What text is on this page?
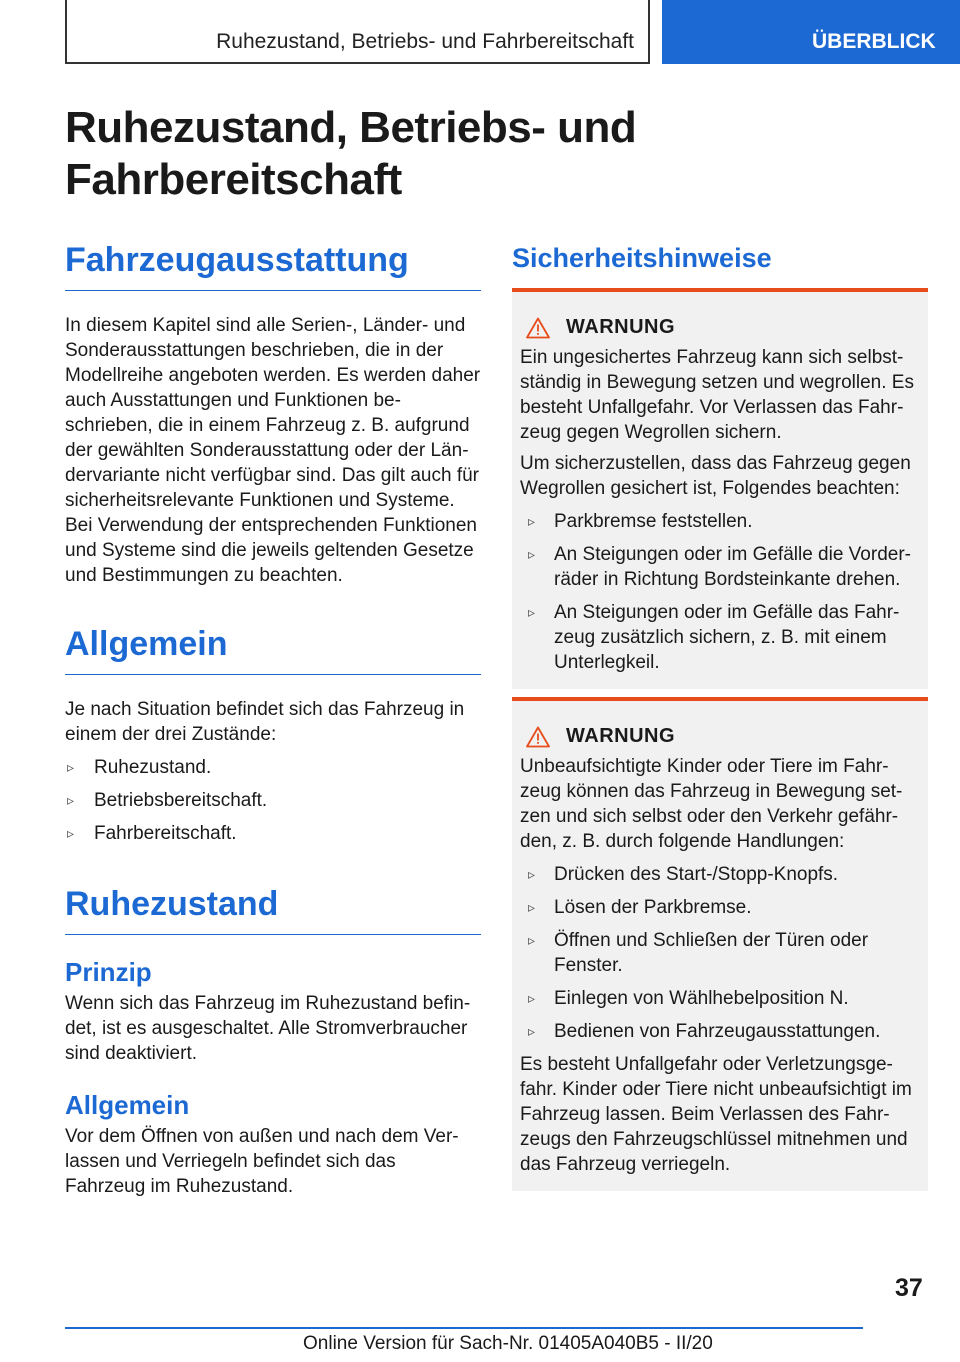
Ruhezustand, Betriebs- und Fahrbereitschaft	ÜBERBLICK
Ruhezustand, Betriebs- und
Fahrbereitschaft
Fahrzeugausstattung

In diesem Kapitel sind alle Serien-, Länder- und Sonderausstattungen beschrieben, die in der Modellreihe angeboten werden. Es werden daher auch Ausstattungen und Funktionen beschrieben, die in einem Fahrzeug z. B. aufgrund der gewählten Sonderausstattung oder der Ländervariante nicht verfügbar sind. Das gilt auch für sicherheitsrelevante Funktionen und Systeme. Bei Verwendung der entsprechenden Funktionen und Systeme sind die jeweils geltenden Gesetze und Bestimmungen zu beachten.

Allgemein

Je nach Situation befindet sich das Fahrzeug in einem der drei Zustände:

▹ Ruhezustand.
▹ Betriebsbereitschaft.
▹ Fahrbereitschaft.
Ruhezustand
Prinzip

Wenn sich das Fahrzeug im Ruhezustand befindet, ist es ausgeschaltet. Alle Stromverbraucher sind deaktiviert.

Allgemein

Vor dem Öffnen von außen und nach dem Verlassen und Verriegeln befindet sich das Fahrzeug im Ruhezustand.

Sicherheitshinweise
WARNUNG

Ein ungesichertes Fahrzeug kann sich selbstständig in Bewegung setzen und wegrollen. Es besteht Unfallgefahr. Vor Verlassen das Fahrzeug gegen Wegrollen sichern.

Um sicherzustellen, dass das Fahrzeug gegen Wegrollen gesichert ist, Folgendes beachten:

▹ Parkbremse feststellen.
▹ An Steigungen oder im Gefälle die Vorderräder in Richtung Bordsteinkante drehen.
▹ An Steigungen oder im Gefälle das Fahrzeug zusätzlich sichern, z. B. mit einem Unterlegkeil.
WARNUNG

Unbeaufsichtigte Kinder oder Tiere im Fahrzeug können das Fahrzeug in Bewegung setzen und sich selbst oder den Verkehr gefährden, z. B. durch folgende Handlungen:

▹ Drücken des Start-/Stopp-Knopfs.
▹ Lösen der Parkbremse.
▹ Öffnen und Schließen der Türen oder Fenster.
▹ Einlegen von Wählhebelposition N.
▹ Bedienen von Fahrzeugausstattungen.

Es besteht Unfallgefahr oder Verletzungsgefahr. Kinder oder Tiere nicht unbeaufsichtigt im Fahrzeug lassen. Beim Verlassen des Fahrzeugs den Fahrzeugschlüssel mitnehmen und das Fahrzeug verriegeln.

37
Online Version für Sach-Nr. 01405A040B5 - II/20
